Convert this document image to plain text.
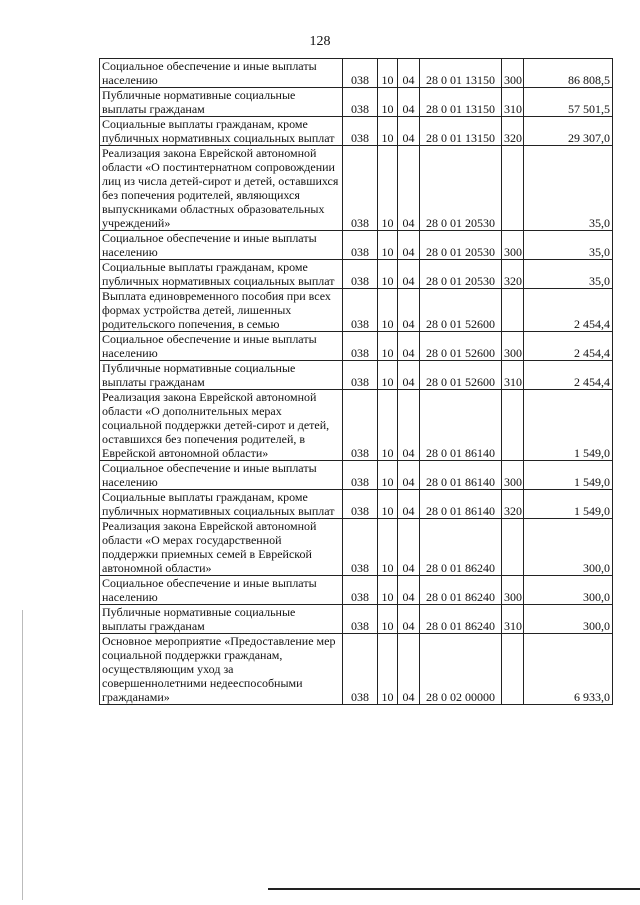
128
Социальное обеспечение и иные выплаты населению	038	10	04	28 0 01 13150	300	86 808,5
Публичные нормативные социальные выплаты гражданам	038	10	04	28 0 01 13150	310	57 501,5
Социальные выплаты гражданам, кроме публичных нормативных социальных выплат	038	10	04	28 0 01 13150	320	29 307,0
Реализация закона Еврейской автономной области «О постинтернатном сопровождении лиц из числа детей-сирот и детей, оставшихся без попечения родителей, являющихся выпускниками областных образовательных учреждений»	038	10	04	28 0 01 20530		35,0
Социальное обеспечение и иные выплаты населению	038	10	04	28 0 01 20530	300	35,0
Социальные выплаты гражданам, кроме публичных нормативных социальных выплат	038	10	04	28 0 01 20530	320	35,0
Выплата единовременного пособия при всех формах устройства детей, лишенных родительского попечения, в семью	038	10	04	28 0 01 52600		2 454,4
Социальное обеспечение и иные выплаты населению	038	10	04	28 0 01 52600	300	2 454,4
Публичные нормативные социальные выплаты гражданам	038	10	04	28 0 01 52600	310	2 454,4
Реализация закона Еврейской автономной области «О дополнительных мерах социальной поддержки детей-сирот и детей, оставшихся без попечения родителей, в Еврейской автономной области»	038	10	04	28 0 01 86140		1 549,0
Социальное обеспечение и иные выплаты населению	038	10	04	28 0 01 86140	300	1 549,0
Социальные выплаты гражданам, кроме публичных нормативных социальных выплат	038	10	04	28 0 01 86140	320	1 549,0
Реализация закона Еврейской автономной области «О мерах государственной поддержки приемных семей в Еврейской автономной области»	038	10	04	28 0 01 86240		300,0
Социальное обеспечение и иные выплаты населению	038	10	04	28 0 01 86240	300	300,0
Публичные нормативные социальные выплаты гражданам	038	10	04	28 0 01 86240	310	300,0
Основное мероприятие «Предоставление мер социальной поддержки гражданам, осуществляющим уход за совершеннолетними недееспособными гражданами»	038	10	04	28 0 02 00000		6 933,0
